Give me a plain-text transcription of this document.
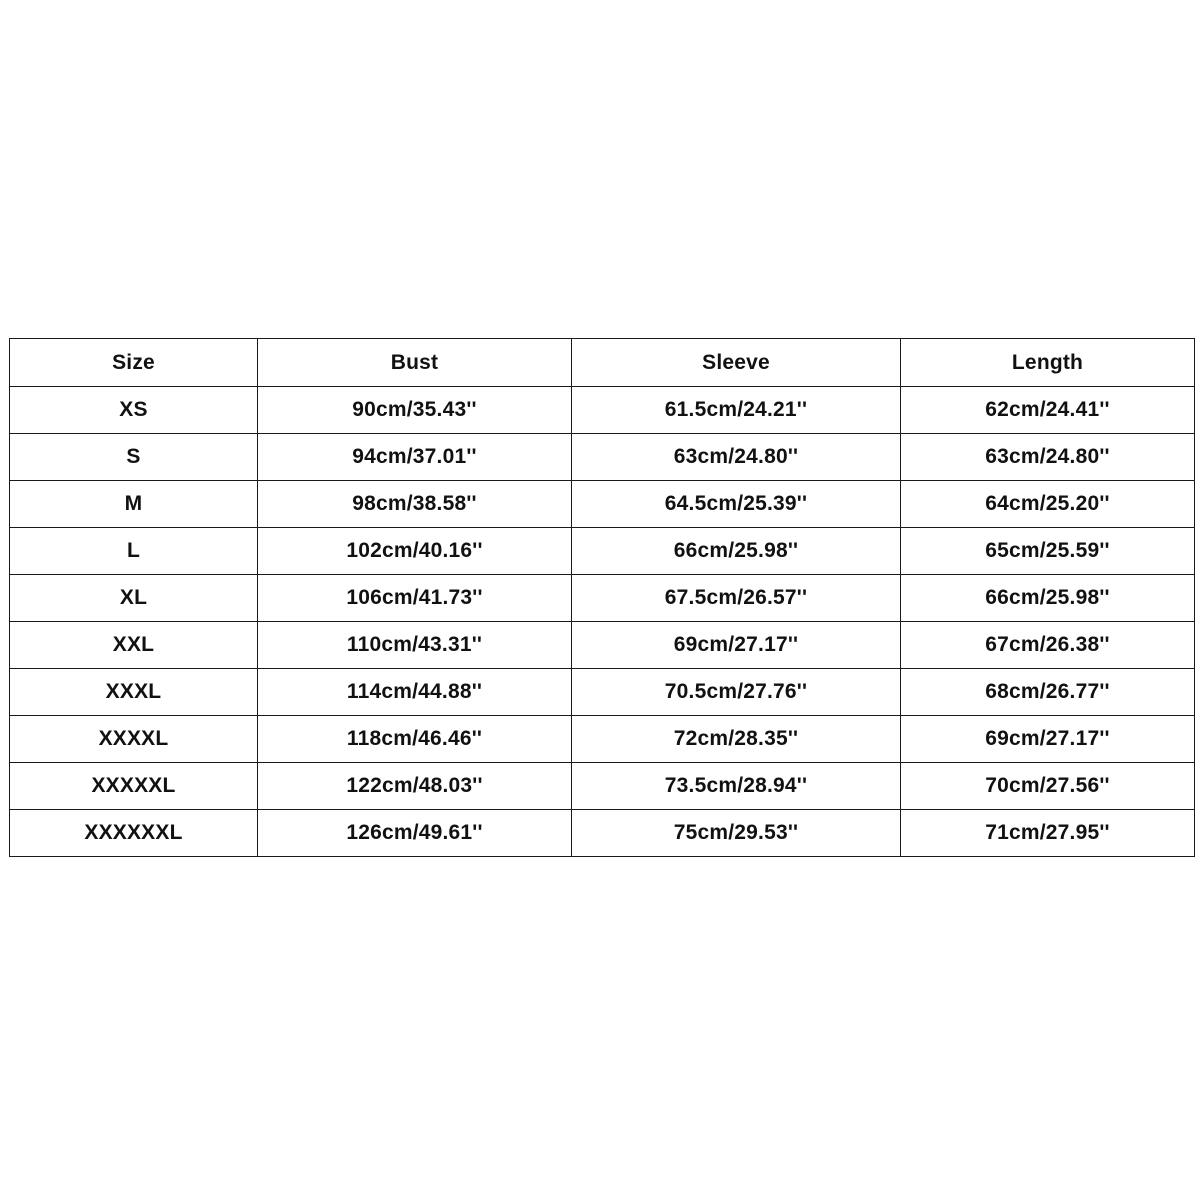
Size	Bust	Sleeve	Length
XS	90cm/35.43''	61.5cm/24.21''	62cm/24.41''
S	94cm/37.01''	63cm/24.80''	63cm/24.80''
M	98cm/38.58''	64.5cm/25.39''	64cm/25.20''
L	102cm/40.16''	66cm/25.98''	65cm/25.59''
XL	106cm/41.73''	67.5cm/26.57''	66cm/25.98''
XXL	110cm/43.31''	69cm/27.17''	67cm/26.38''
XXXL	114cm/44.88''	70.5cm/27.76''	68cm/26.77''
XXXXL	118cm/46.46''	72cm/28.35''	69cm/27.17''
XXXXXL	122cm/48.03''	73.5cm/28.94''	70cm/27.56''
XXXXXXL	126cm/49.61''	75cm/29.53''	71cm/27.95''
